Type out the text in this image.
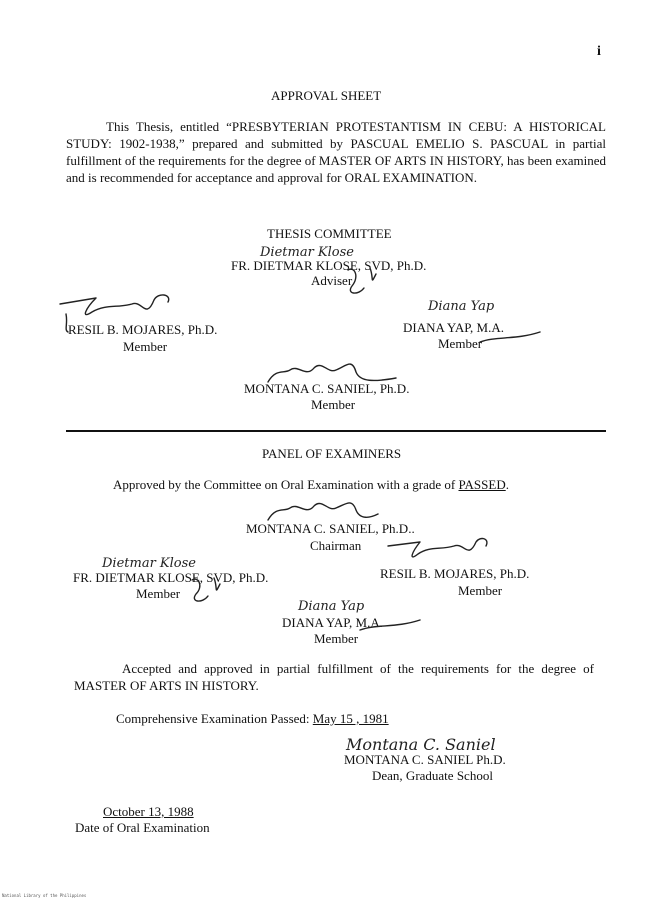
i
APPROVAL SHEET
This Thesis, entitled “PRESBYTERIAN PROTESTANTISM IN CEBU: A HISTORICAL STUDY: 1902-1938,” prepared and submitted by PASCUAL EMELIO S. PASCUAL in partial fulfillment of the requirements for the degree of MASTER OF ARTS IN HISTORY, has been examined and is recommended for acceptance and approval for ORAL EXAMINATION.
THESIS COMMITTEE
Dietmar Klose
FR. DIETMAR KLOSE, SVD, Ph.D.
Adviser
RESIL B. MOJARES, Ph.D.
Member
Diana Yap
DIANA YAP, M.A.
Member
MONTANA C. SANIEL, Ph.D.
Member
PANEL OF EXAMINERS
Approved by the Committee on Oral Examination with a grade of PASSED.
MONTANA C. SANIEL, Ph.D..
Chairman
Dietmar Klose
FR. DIETMAR KLOSE, SVD, Ph.D.
Member
RESIL B. MOJARES, Ph.D.
Member
Diana Yap
DIANA YAP, M.A.
Member
Accepted and approved in partial fulfillment of the requirements for the degree of MASTER OF ARTS IN HISTORY.
Comprehensive Examination Passed: May 15 , 1981
Montana C. Saniel
MONTANA C. SANIEL Ph.D.
Dean, Graduate School
October 13, 1988
Date of Oral Examination
National Library of the Philippines
